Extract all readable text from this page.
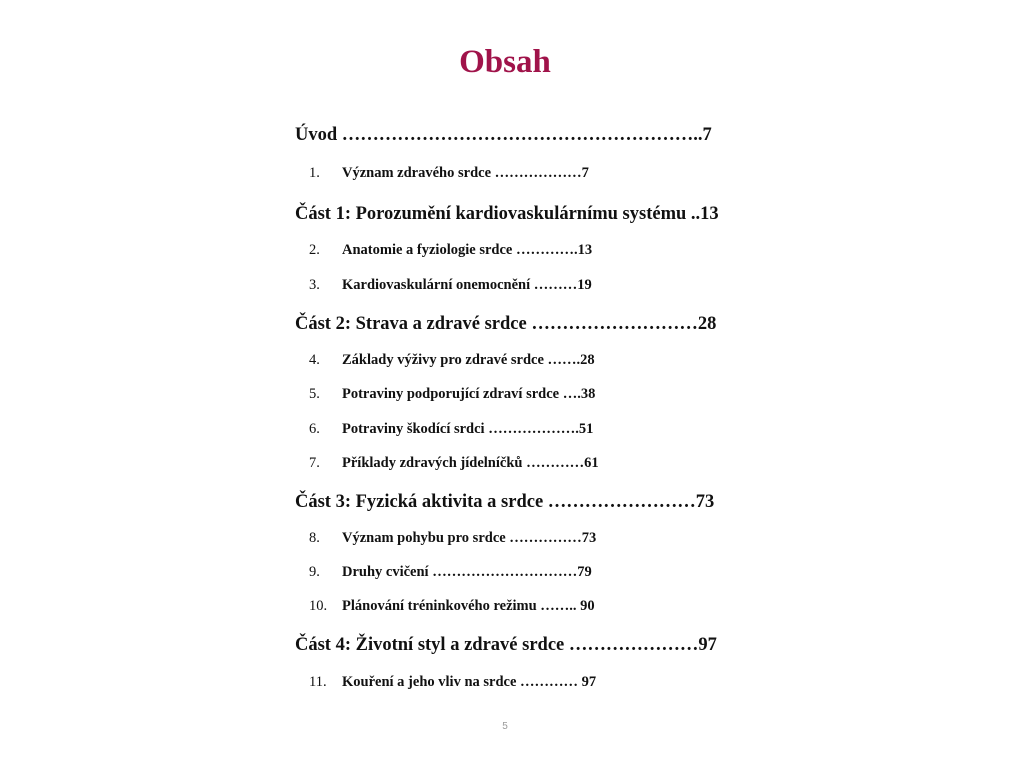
Obsah
Úvod …………………………………………………..7
1. Význam zdravého srdce ………………7
Část 1: Porozumění kardiovaskulárnímu systému ..13
2. Anatomie a fyziologie srdce ………….13
3. Kardiovaskulární onemocnění ………19
Část 2: Strava a zdravé srdce ………………………28
4. Základy výživy pro zdravé srdce …….28
5. Potraviny podporující zdraví srdce ….38
6. Potraviny škodící srdci ……………….51
7. Příklady zdravých jídelníčků …………61
Část 3: Fyzická aktivita a srdce ……………………73
8. Význam pohybu pro srdce ……………73
9. Druhy cvičení …………………………79
10. Plánování tréninkového režimu …….. 90
Část 4: Životní styl a zdravé srdce …………………97
11. Kouření a jeho vliv na srdce ………… 97
5
